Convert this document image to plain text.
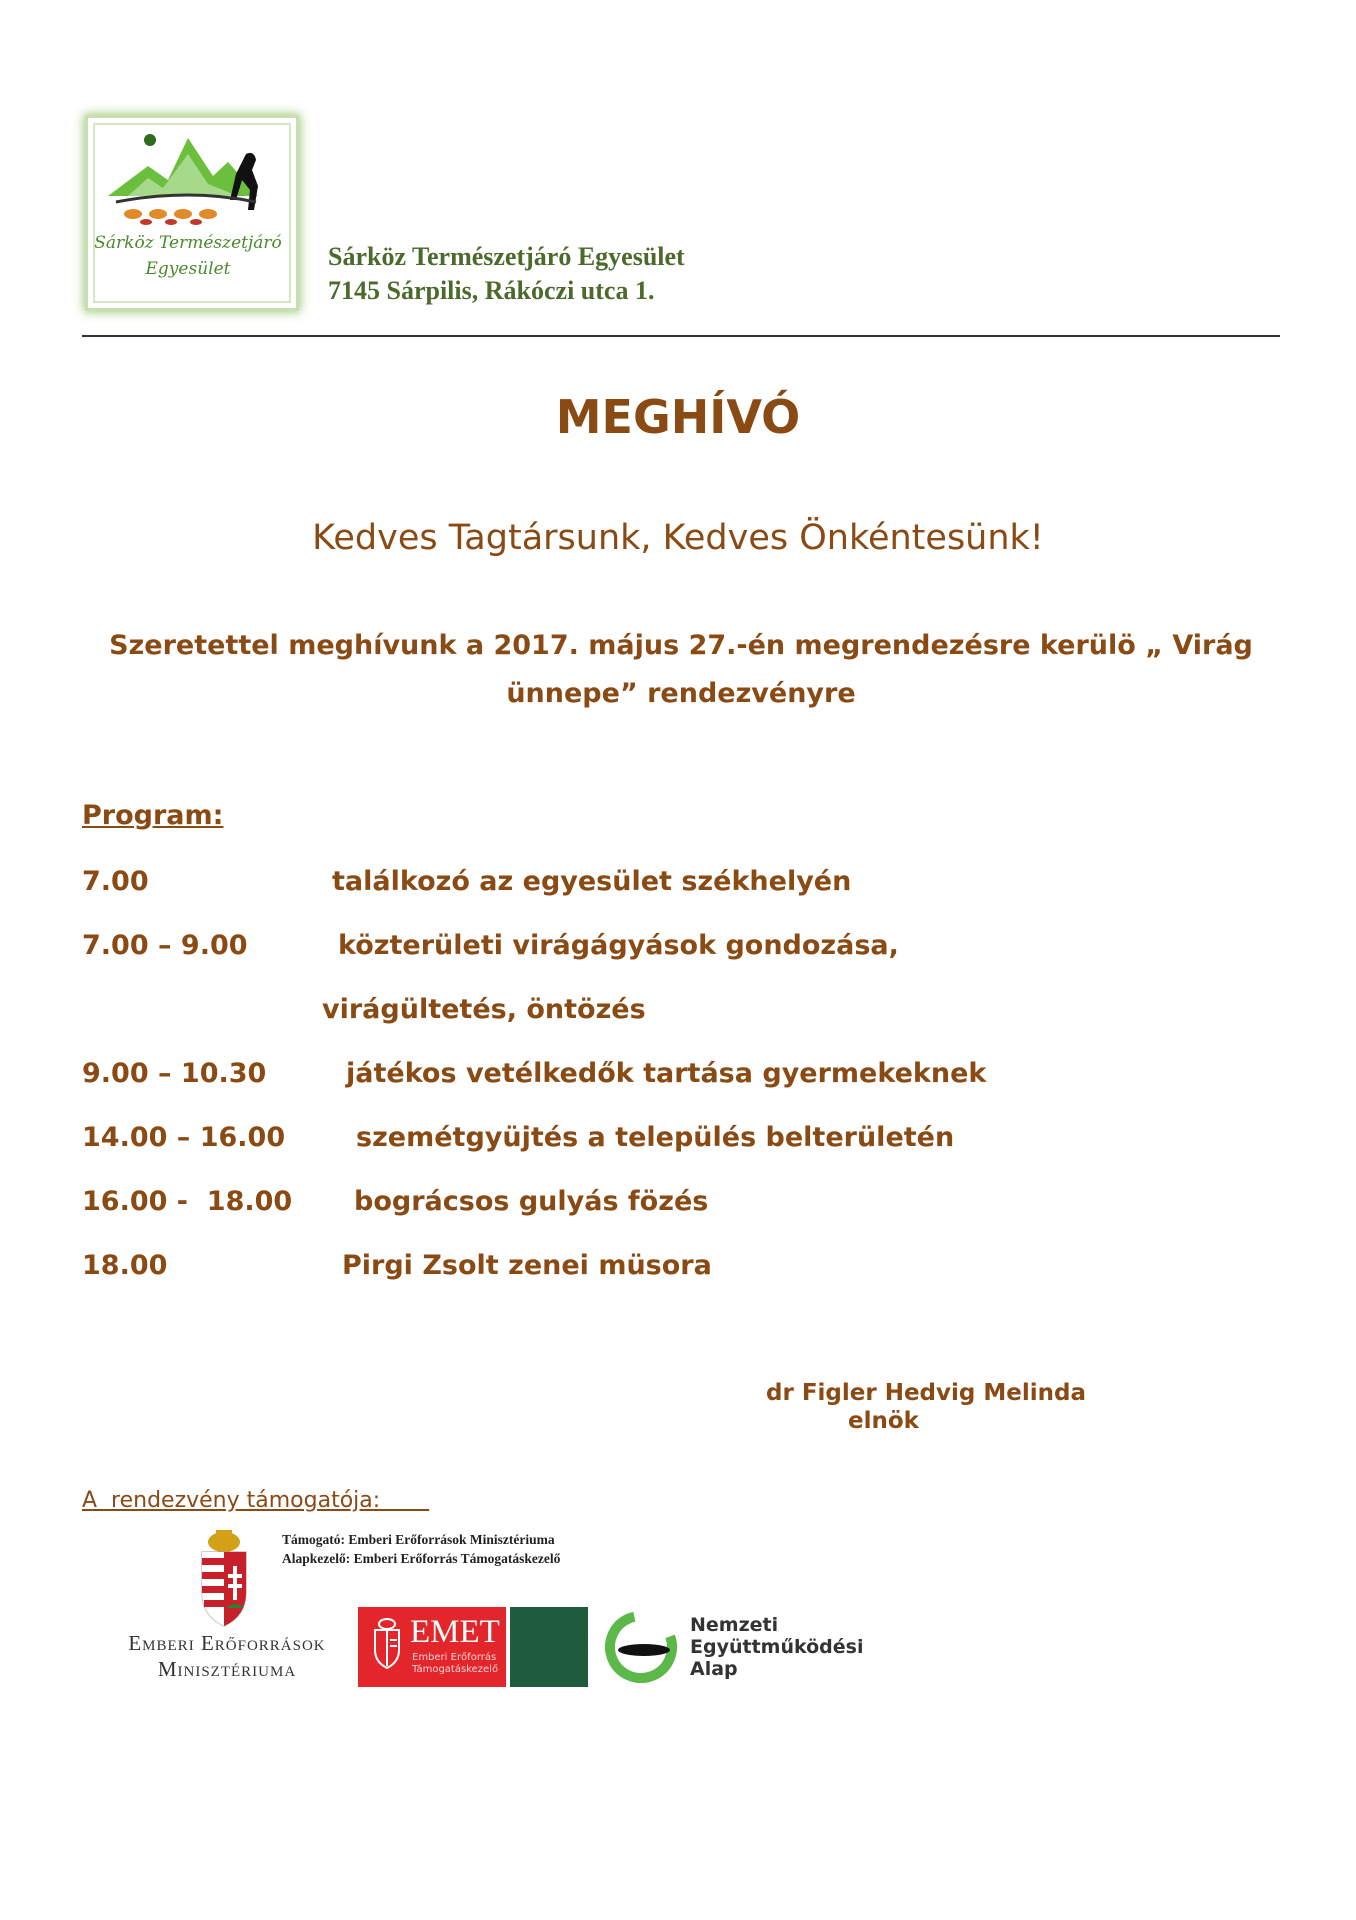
Sárköz Természetjáró
Egyesület	Sárköz Természetjáró Egyesület
7145 Sárpilis, Rákóczi utca 1.
MEGHÍVÓ
Kedves Tagtársunk, Kedves Önkéntesünk!
Szeretettel meghívunk a 2017. május 27.-én megrendezésre kerülö „ Virág
ünnepe” rendezvényre
Program:
7.00	találkozó az egyesület székhelyén
7.00 – 9.00	közterületi virágágyások gondozása,
virágültetés, öntözés
9.00 – 10.30	játékos vetélkedők tartása gyermekeknek
14.00 – 16.00	szemétgyüjtés a település belterületén
16.00 -  18.00 bográcsos gulyás fözés
18.00	Pirgi Zsolt zenei müsora
dr Figler Hedvig Melinda
elnök
A  rendezvény támogatója:
Támogató: Emberi Erőforrások Minisztériuma
Alapkezelő: Emberi Erőforrás Támogatáskezelő
Emberi Erőforrások
Minisztériuma
EMET
Emberi Erőforrás
Támogatáskezelő
Nemzeti
Együttműködési
Alap
